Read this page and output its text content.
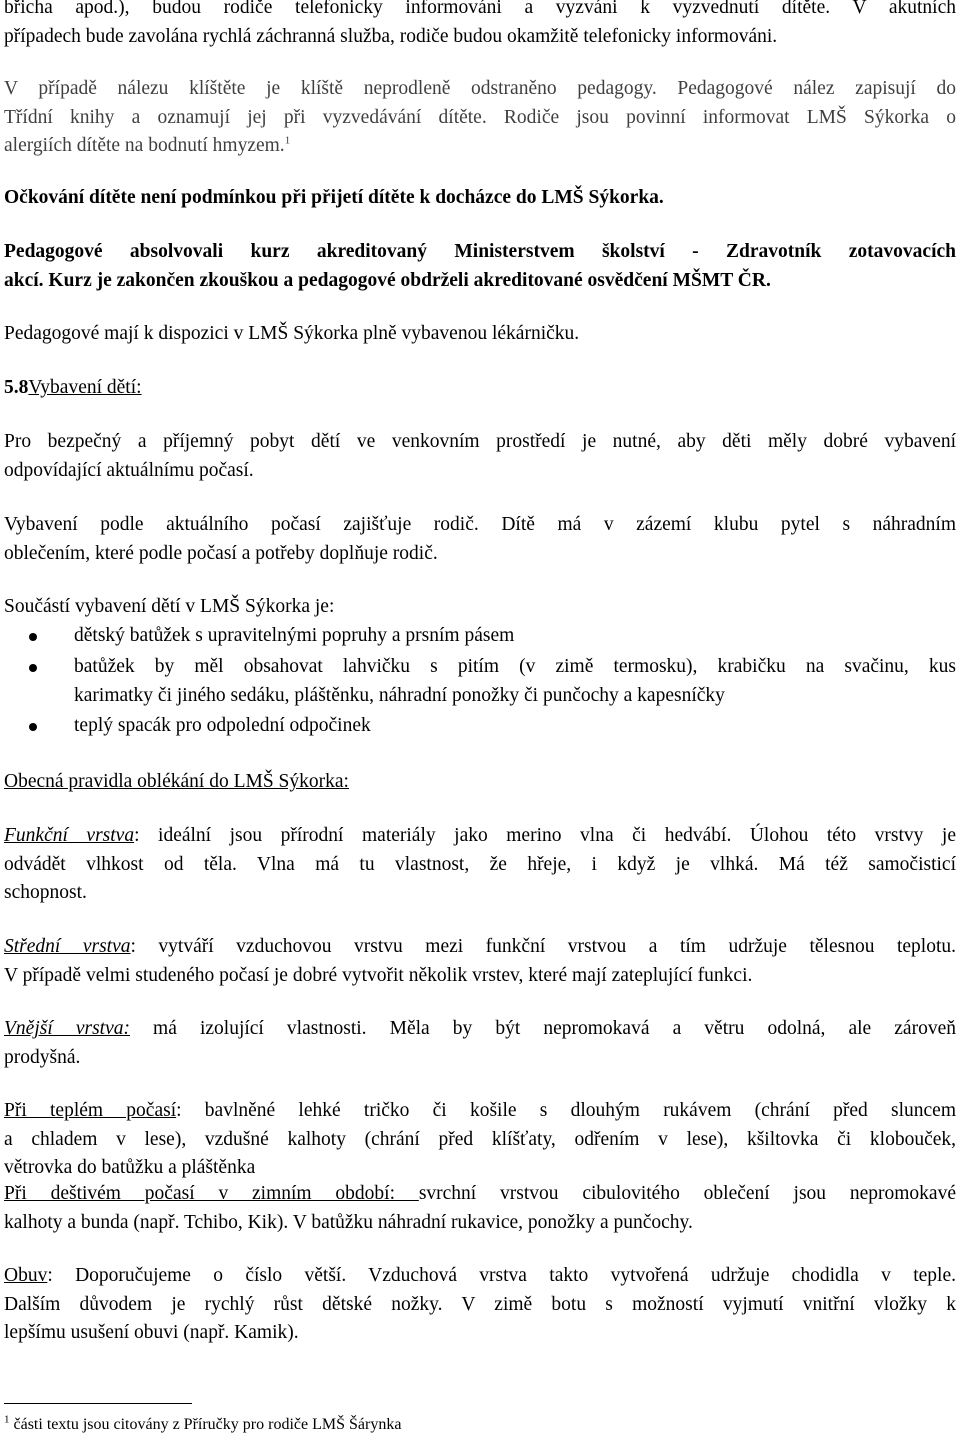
břicha apod.), budou rodiče telefonicky informováni a vyzváni k vyzvednutí dítěte. V akutních
případech bude zavolána rychlá záchranná služba, rodiče budou okamžitě telefonicky informováni.

V případě nálezu klíštěte je klíště neprodleně odstraněno pedagogy. Pedagogové nález zapisují do
Třídní knihy a oznamují jej při vyzvedávání dítěte. Rodiče jsou povinní informovat LMŠ Sýkorka o
alergiích dítěte na bodnutí hmyzem.$^1$

Očkování dítěte není podmínkou při přijetí dítěte k docházce do LMŠ Sýkorka.

Pedagogové absolvovali kurz akreditovaný Ministerstvem školství - Zdravotník zotavovacích
akcí. Kurz je zakončen zkouškou a pedagogové obdrželi akreditované osvědčení MŠMT ČR.

Pedagogové mají k dispozici v LMŠ Sýkorka plně vybavenou lékárničku.

5.8Vybavení dětí:

Pro bezpečný a příjemný pobyt dětí ve venkovním prostředí je nutné, aby děti měly dobré vybavení
odpovídající aktuálnímu počasí.

Vybavení podle aktuálního počasí zajišťuje rodič. Dítě má v zázemí klubu pytel s náhradním
oblečením, které podle počasí a potřeby doplňuje rodič.

Součástí vybavení dětí v LMŠ Sýkorka je:

dětský batůžek s upravitelnými popruhy a prsním pásem
batůžek by měl obsahovat lahvičku s pitím (v zimě termosku), krabičku na svačinu, kus
karimatky či jiného sedáku, pláštěnku, náhradní ponožky či punčochy a kapesníčky
teplý spacák pro odpolední odpočinek

Obecná pravidla oblékání do LMŠ Sýkorka:

Funkční vrstva: ideální jsou přírodní materiály jako merino vlna či hedvábí. Úlohou této vrstvy je
odvádět vlhkost od těla. Vlna má tu vlastnost, že hřeje, i když je vlhká. Má též samočisticí
schopnost.

Střední vrstva: vytváří vzduchovou vrstvu mezi funkční vrstvou a tím udržuje tělesnou teplotu.
V případě velmi studeného počasí je dobré vytvořit několik vrstev, které mají zateplující funkci.

Vnější vrstva: má izolující vlastnosti. Měla by být nepromokavá a větru odolná, ale zároveň
prodyšná.

Při teplém počasí: bavlněné lehké tričko či košile s dlouhým rukávem (chrání před sluncem
a chladem v lese), vzdušné kalhoty (chrání před klíšťaty, odřením v lese), kšiltovka či klobouček,
větrovka do batůžku a pláštěnka

Při deštivém počasí v zimním období: svrchní vrstvou cibulovitého oblečení jsou nepromokavé
kalhoty a bunda (např. Tchibo, Kik). V batůžku náhradní rukavice, ponožky a punčochy.

Obuv: Doporučujeme o číslo větší. Vzduchová vrstva takto vytvořená udržuje chodidla v teple.
Dalším důvodem je rychlý růst dětské nožky. V zimě botu s možností vyjmutí vnitřní vložky k
lepšímu usušení obuvi (např. Kamik).

$^1$ části textu jsou citovány z Příručky pro rodiče LMŠ Šárynka
